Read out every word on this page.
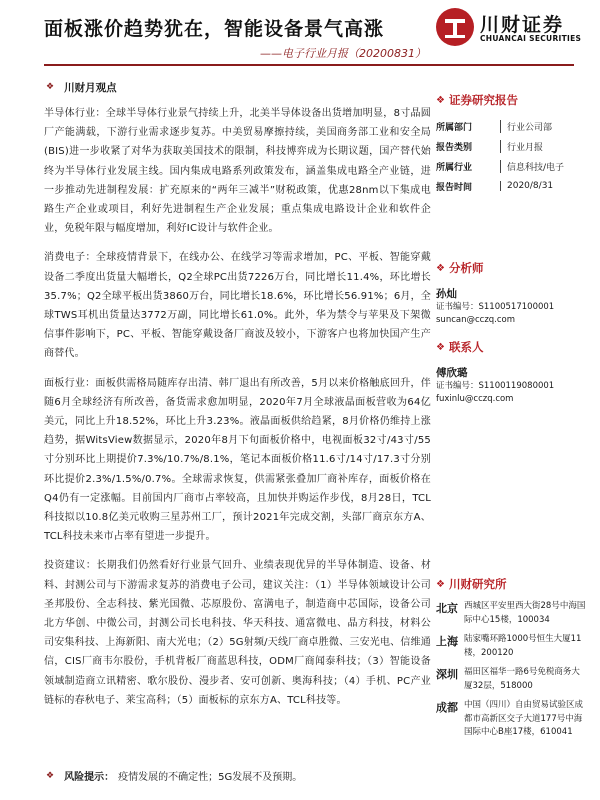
面板涨价趋势犹在，智能设备景气高涨
——电子行业月报（20200831）
川财证券
CHUANCAI SECURITIES
❖ 川财月观点

半导体行业：全球半导体行业景气持续上升，北美半导体设备出货增加明显，8寸晶圆厂产能满载，下游行业需求逐步复苏。中美贸易摩擦持续，美国商务部工业和安全局(BIS)进一步收紧了对华为获取美国技术的限制，科技博弈成为长期议题，国产替代始终为半导体行业发展主线。国内集成电路系列政策发布，涵盖集成电路全产业链，进一步推动先进制程发展：扩充原来的“两年三减半”财税政策，优惠28nm以下集成电路生产企业或项目，利好先进制程生产企业发展；重点集成电路设计企业和软件企业，免税年限与幅度增加，利好IC设计与软件企业。

消费电子：全球疫情背景下，在线办公、在线学习等需求增加，PC、平板、智能穿戴设备二季度出货量大幅增长，Q2全球PC出货7226万台，同比增长11.4%，环比增长35.7%；Q2全球平板出货3860万台，同比增长18.6%，环比增长56.91%；6月，全球TWS耳机出货量达3772万副，同比增长61.0%。此外，华为禁令与苹果及下架微信事件影响下，PC、平板、智能穿戴设备厂商波及较小，下游客户也将加快国产生产商替代。

面板行业：面板供需格局随库存出清、韩厂退出有所改善，5月以来价格触底回升，伴随6月全球经济有所改善，备货需求愈加明显，2020年7月全球液晶面板营收为64亿美元，同比上升18.52%，环比上升3.23%。液晶面板供给趋紧，8月价格仍维持上涨趋势，据WitsView数据显示，2020年8月下旬面板价格中，电视面板32寸/43寸/55寸分别环比上期提价7.3%/10.7%/8.1%，笔记本面板价格11.6寸/14寸/17.3寸分别环比提价2.3%/1.5%/0.7%。全球需求恢复，供需紧张叠加厂商补库存，面板价格在Q4仍有一定涨幅。目前国内厂商市占率较高，且加快并购运作步伐，8月28日，TCL科技拟以10.8亿美元收购三星苏州工厂，预计2021年完成交割，头部厂商京东方A、TCL科技未来市占率有望进一步提升。

投资建议：长期我们仍然看好行业景气回升、业绩表现优异的半导体制造、设备、材料、封测公司与下游需求复苏的消费电子公司，建议关注：（1）半导体领域设计公司圣邦股份、全志科技、紫光国微、芯原股份、富满电子，制造商中芯国际，设备公司北方华创、中微公司，封测公司长电科技、华天科技、通富微电、晶方科技，材料公司安集科技、上海新阳、南大光电；（2）5G射频/天线厂商卓胜微、三安光电、信维通信，CIS厂商韦尔股份，手机背板厂商蓝思科技，ODM厂商闻泰科技；（3）智能设备领域制造商立讯精密、歌尔股份、漫步者、安可创新、奥海科技；（4）手机、PC产业链标的春秋电子、莱宝高科；（5）面板标的京东方A、TCL科技等。

❖ 风险提示： 疫情发展的不确定性；5G发展不及预期。
❖ 证券研究报告
所属部门	行业公司部
报告类别	行业月报
所属行业	信息科技/电子
报告时间	2020/8/31
❖ 分析师
孙灿
证书编号：S1100517100001
suncan@cczq.com
❖ 联系人
傅欣璐
证书编号：S1100119080001
fuxinlu@cczq.com
❖ 川财研究所
北京 西城区平安里西大街28号中海国际中心15楼，100034
上海 陆家嘴环路1000号恒生大厦11楼，200120
深圳 福田区福华一路6号免税商务大厦32层，518000
成都 中国（四川）自由贸易试验区成都市高新区交子大道177号中海国际中心B座17楼，610041
